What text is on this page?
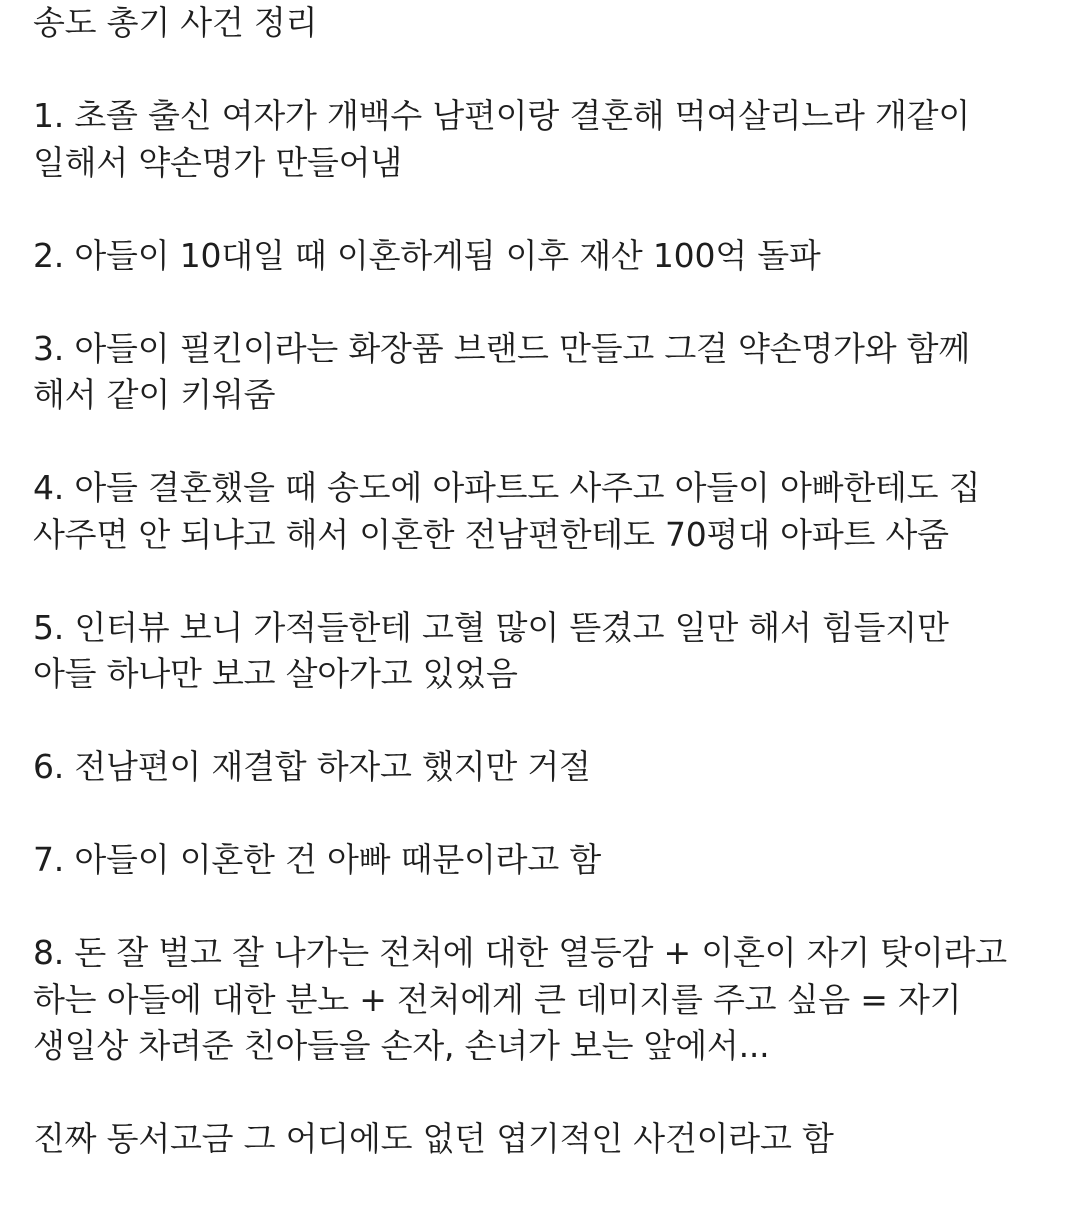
송도 총기 사건 정리
1. 초졸 출신 여자가 개백수 남편이랑 결혼해 먹여살리느라 개같이
일해서 약손명가 만들어냄
2. 아들이 10대일 때 이혼하게됨 이후 재산 100억 돌파
3. 아들이 필킨이라는 화장품 브랜드 만들고 그걸 약손명가와 함께
해서 같이 키워줌
4. 아들 결혼했을 때 송도에 아파트도 사주고 아들이 아빠한테도 집
사주면 안 되냐고 해서 이혼한 전남편한테도 70평대 아파트 사줌
5. 인터뷰 보니 가적들한테 고혈 많이 뜯겼고 일만 해서 힘들지만
아들 하나만 보고 살아가고 있었음
6. 전남편이 재결합 하자고 했지만 거절
7. 아들이 이혼한 건 아빠 때문이라고 함
8. 돈 잘 벌고 잘 나가는 전처에 대한 열등감 + 이혼이 자기 탓이라고
하는 아들에 대한 분노 + 전처에게 큰 데미지를 주고 싶음 = 자기
생일상 차려준 친아들을 손자, 손녀가 보는 앞에서...
진짜 동서고금 그 어디에도 없던 엽기적인 사건이라고 함
